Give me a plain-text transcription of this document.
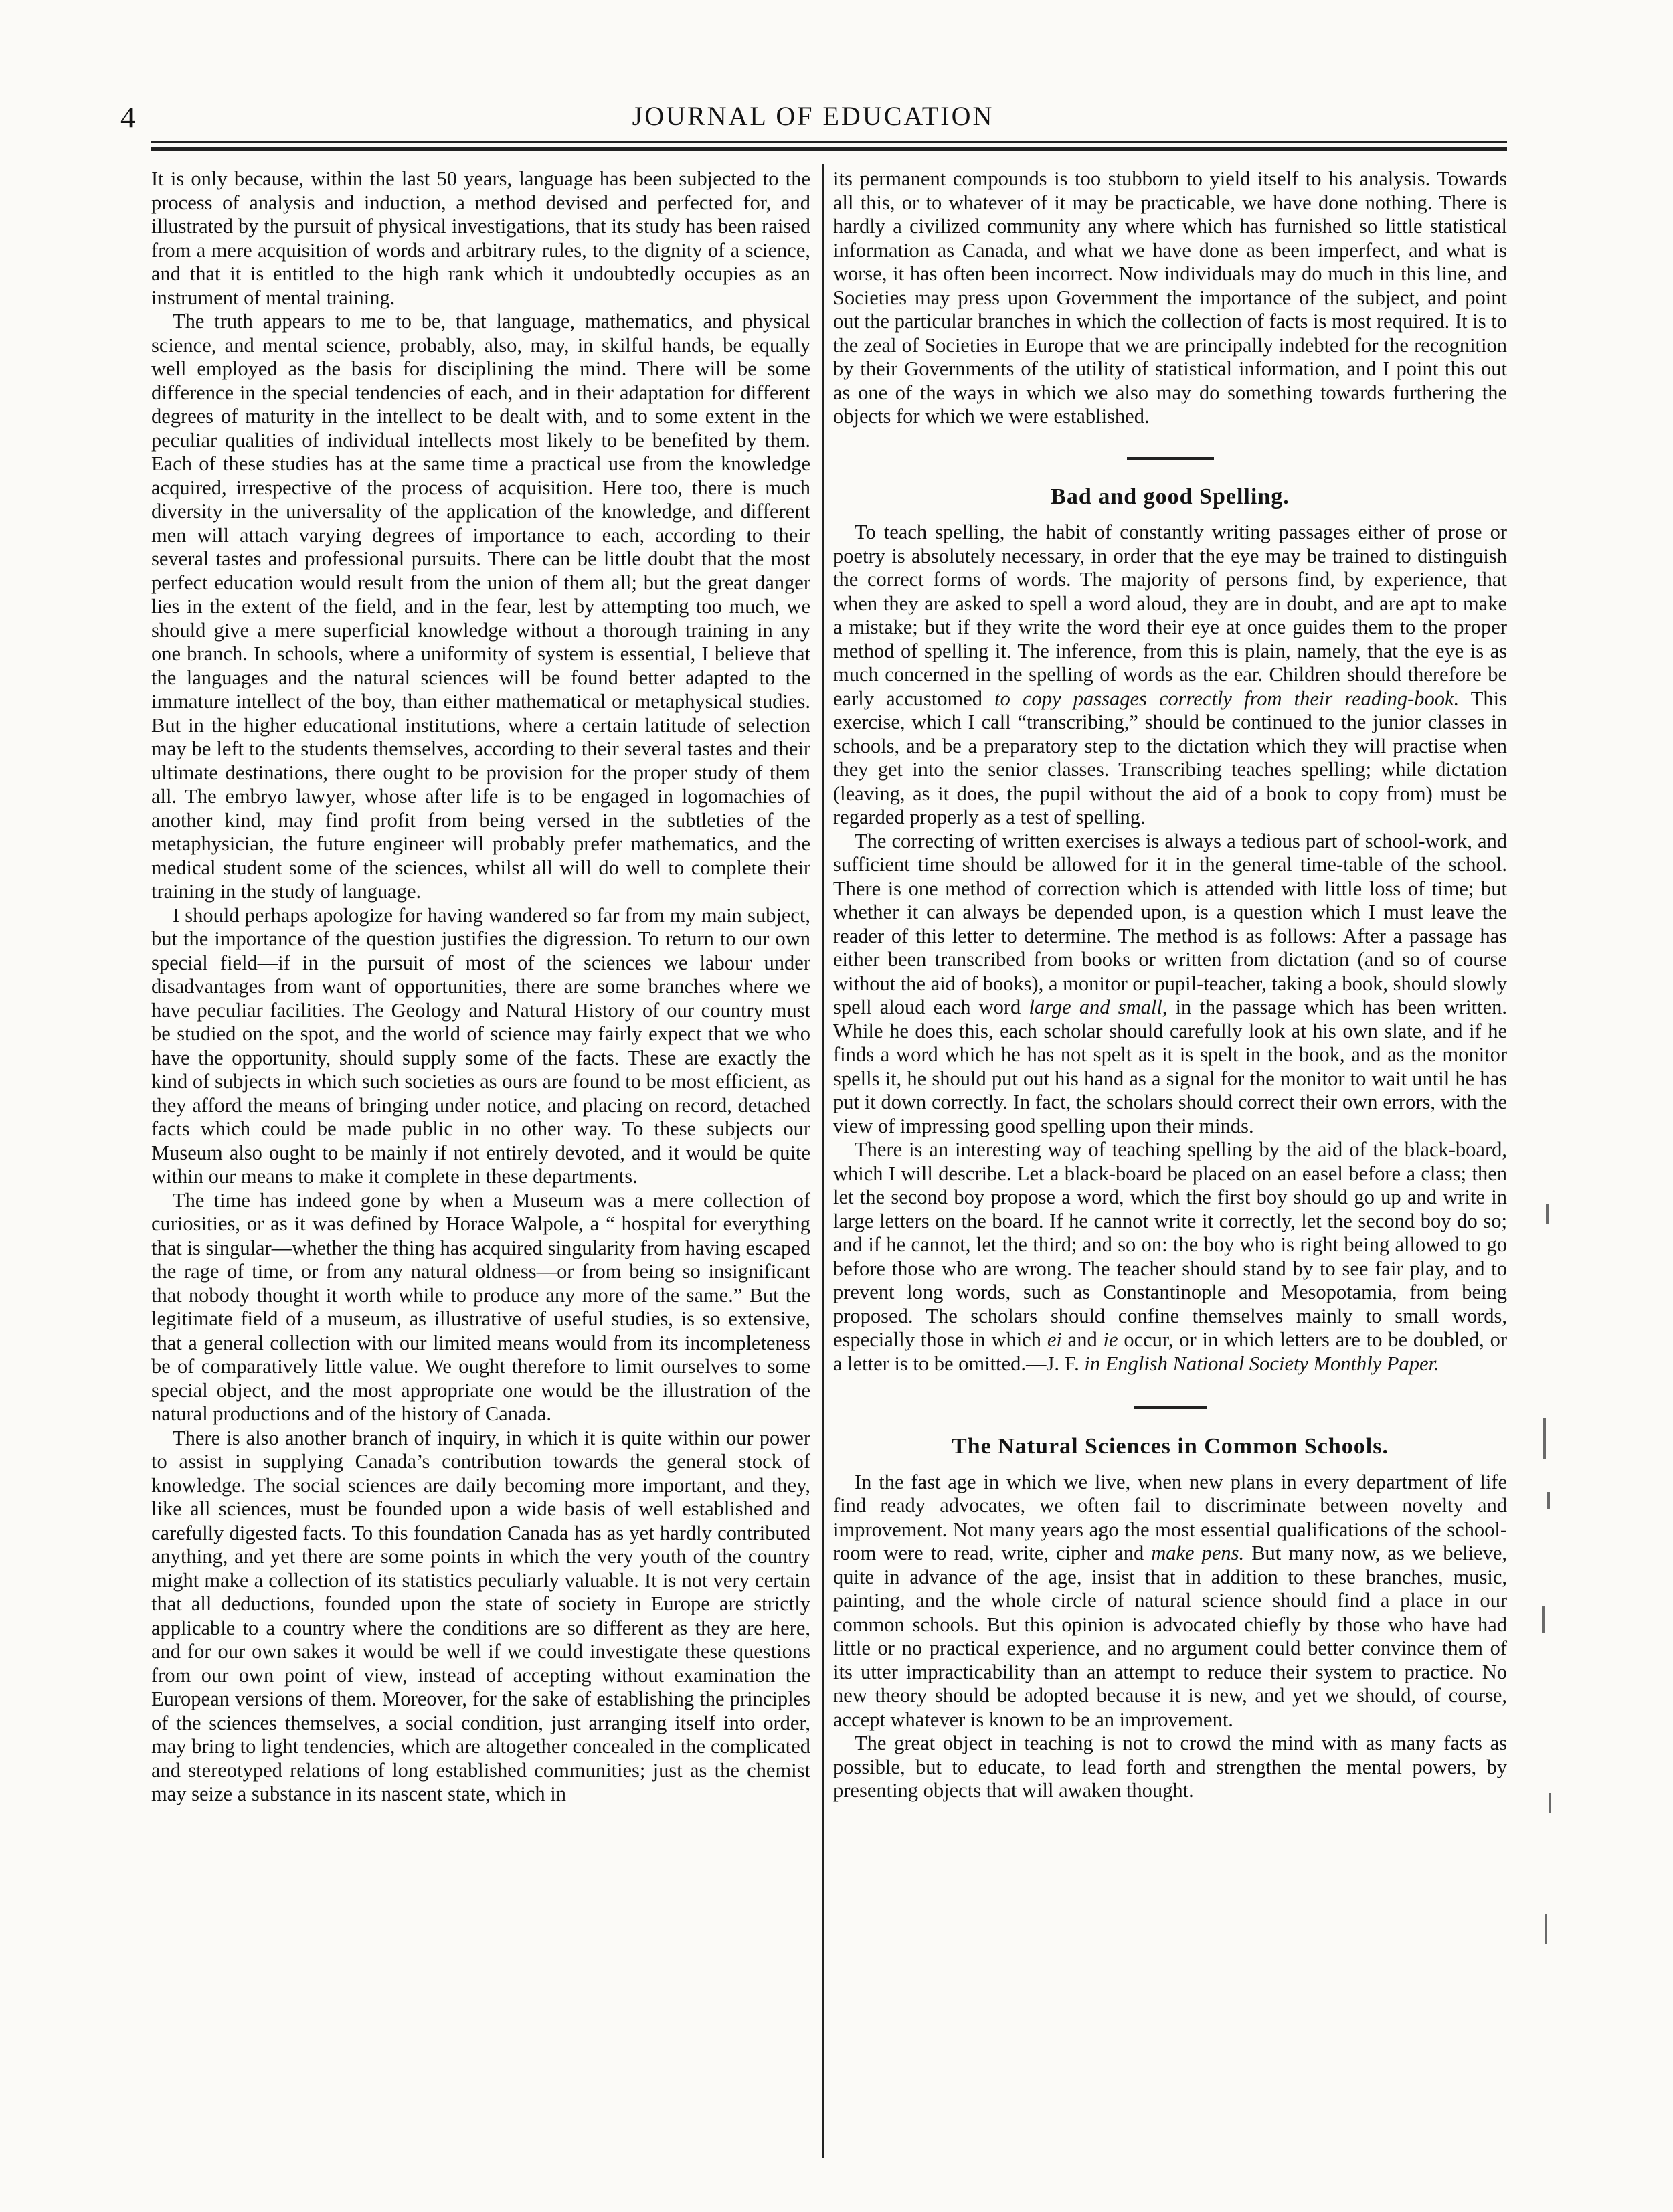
4	JOURNAL OF EDUCATION

It is only because, within the last 50 years, language has been subjected to the process of analysis and induction, a method devised and perfected for, and illustrated by the pursuit of physical investigations, that its study has been raised from a mere acquisition of words and arbitrary rules, to the dignity of a science, and that it is entitled to the high rank which it undoubtedly occupies as an instrument of mental training.

The truth appears to me to be, that language, mathematics, and physical science, and mental science, probably, also, may, in skilful hands, be equally well employed as the basis for disciplining the mind. There will be some difference in the special tendencies of each, and in their adaptation for different degrees of maturity in the intellect to be dealt with, and to some extent in the peculiar qualities of individual intellects most likely to be benefited by them. Each of these studies has at the same time a practical use from the knowledge acquired, irrespective of the process of acquisition. Here too, there is much diversity in the universality of the application of the knowledge, and different men will attach varying degrees of importance to each, according to their several tastes and professional pursuits. There can be little doubt that the most perfect education would result from the union of them all; but the great danger lies in the extent of the field, and in the fear, lest by attempting too much, we should give a mere superficial knowledge without a thorough training in any one branch. In schools, where a uniformity of system is essential, I believe that the languages and the natural sciences will be found better adapted to the immature intellect of the boy, than either mathematical or metaphysical studies. But in the higher educational institutions, where a certain latitude of selection may be left to the students themselves, according to their several tastes and their ultimate destinations, there ought to be provision for the proper study of them all. The embryo lawyer, whose after life is to be engaged in logomachies of another kind, may find profit from being versed in the subtleties of the metaphysician, the future engineer will probably prefer mathematics, and the medical student some of the sciences, whilst all will do well to complete their training in the study of language.

I should perhaps apologize for having wandered so far from my main subject, but the importance of the question justifies the digression. To return to our own special field—if in the pursuit of most of the sciences we labour under disadvantages from want of opportunities, there are some branches where we have peculiar facilities. The Geology and Natural History of our country must be studied on the spot, and the world of science may fairly expect that we who have the opportunity, should supply some of the facts. These are exactly the kind of subjects in which such societies as ours are found to be most efficient, as they afford the means of bringing under notice, and placing on record, detached facts which could be made public in no other way. To these subjects our Museum also ought to be mainly if not entirely devoted, and it would be quite within our means to make it complete in these departments.

The time has indeed gone by when a Museum was a mere collection of curiosities, or as it was defined by Horace Walpole, a “ hospital for everything that is singular—whether the thing has acquired singularity from having escaped the rage of time, or from any natural oldness—or from being so insignificant that nobody thought it worth while to produce any more of the same.” But the legitimate field of a museum, as illustrative of useful studies, is so extensive, that a general collection with our limited means would from its incompleteness be of comparatively little value. We ought therefore to limit ourselves to some special object, and the most appropriate one would be the illustration of the natural productions and of the history of Canada.

There is also another branch of inquiry, in which it is quite within our power to assist in supplying Canada’s contribution towards the general stock of knowledge. The social sciences are daily becoming more important, and they, like all sciences, must be founded upon a wide basis of well established and carefully digested facts. To this foundation Canada has as yet hardly contributed anything, and yet there are some points in which the very youth of the country might make a collection of its statistics peculiarly valuable. It is not very certain that all deductions, founded upon the state of society in Europe are strictly applicable to a country where the conditions are so different as they are here, and for our own sakes it would be well if we could investigate these questions from our own point of view, instead of accepting without examination the European versions of them. Moreover, for the sake of establishing the principles of the sciences themselves, a social condition, just arranging itself into order, may bring to light tendencies, which are altogether concealed in the complicated and stereotyped relations of long established communities; just as the chemist may seize a substance in its nascent state, which in

its permanent compounds is too stubborn to yield itself to his analysis. Towards all this, or to whatever of it may be practicable, we have done nothing. There is hardly a civilized community any where which has furnished so little statistical information as Canada, and what we have done as been imperfect, and what is worse, it has often been incorrect. Now individuals may do much in this line, and Societies may press upon Government the importance of the subject, and point out the particular branches in which the collection of facts is most required. It is to the zeal of Societies in Europe that we are principally indebted for the recognition by their Governments of the utility of statistical information, and I point this out as one of the ways in which we also may do something towards furthering the objects for which we were established.

Bad and good Spelling.

To teach spelling, the habit of constantly writing passages either of prose or poetry is absolutely necessary, in order that the eye may be trained to distinguish the correct forms of words. The majority of persons find, by experience, that when they are asked to spell a word aloud, they are in doubt, and are apt to make a mistake; but if they write the word their eye at once guides them to the proper method of spelling it. The inference, from this is plain, namely, that the eye is as much concerned in the spelling of words as the ear. Children should therefore be early accustomed to copy passages correctly from their reading-book. This exercise, which I call “transcribing,” should be continued to the junior classes in schools, and be a preparatory step to the dictation which they will practise when they get into the senior classes. Transcribing teaches spelling; while dictation (leaving, as it does, the pupil without the aid of a book to copy from) must be regarded properly as a test of spelling.

The correcting of written exercises is always a tedious part of school-work, and sufficient time should be allowed for it in the general time-table of the school. There is one method of correction which is attended with little loss of time; but whether it can always be depended upon, is a question which I must leave the reader of this letter to determine. The method is as follows: After a passage has either been transcribed from books or written from dictation (and so of course without the aid of books), a monitor or pupil-teacher, taking a book, should slowly spell aloud each word large and small, in the passage which has been written. While he does this, each scholar should carefully look at his own slate, and if he finds a word which he has not spelt as it is spelt in the book, and as the monitor spells it, he should put out his hand as a signal for the monitor to wait until he has put it down correctly. In fact, the scholars should correct their own errors, with the view of impressing good spelling upon their minds.

There is an interesting way of teaching spelling by the aid of the black-board, which I will describe. Let a black-board be placed on an easel before a class; then let the second boy propose a word, which the first boy should go up and write in large letters on the board. If he cannot write it correctly, let the second boy do so; and if he cannot, let the third; and so on: the boy who is right being allowed to go before those who are wrong. The teacher should stand by to see fair play, and to prevent long words, such as Constantinople and Mesopotamia, from being proposed. The scholars should confine themselves mainly to small words, especially those in which ei and ie occur, or in which letters are to be doubled, or a letter is to be omitted.—J. F. in English National Society Monthly Paper.

The Natural Sciences in Common Schools.

In the fast age in which we live, when new plans in every department of life find ready advocates, we often fail to discriminate between novelty and improvement. Not many years ago the most essential qualifications of the school-room were to read, write, cipher and make pens. But many now, as we believe, quite in advance of the age, insist that in addition to these branches, music, painting, and the whole circle of natural science should find a place in our common schools. But this opinion is advocated chiefly by those who have had little or no practical experience, and no argument could better convince them of its utter impracticability than an attempt to reduce their system to practice. No new theory should be adopted because it is new, and yet we should, of course, accept whatever is known to be an improvement.

The great object in teaching is not to crowd the mind with as many facts as possible, but to educate, to lead forth and strengthen the mental powers, by presenting objects that will awaken thought.
